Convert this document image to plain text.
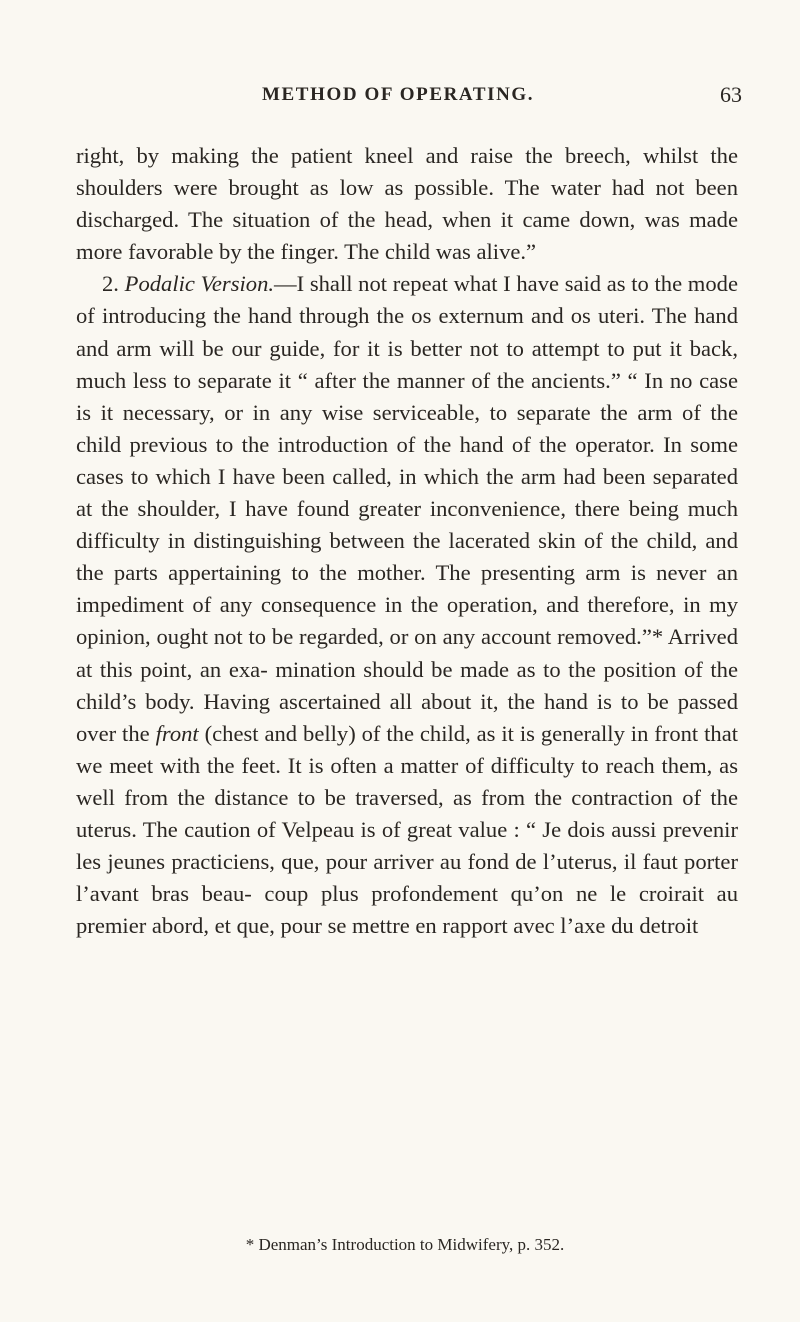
METHOD OF OPERATING.	63

right, by making the patient kneel and raise the breech, whilst the shoulders were brought as low as possible. The water had not been discharged. The situation of the head, when it came down, was made more favorable by the finger. The child was alive.”

2. Podalic Version.—I shall not repeat what I have said as to the mode of introducing the hand through the os externum and os uteri. The hand and arm will be our guide, for it is better not to attempt to put it back, much less to separate it “ after the manner of the ancients.” “ In no case is it necessary, or in any wise serviceable, to separate the arm of the child previous to the introduction of the hand of the operator. In some cases to which I have been called, in which the arm had been separated at the shoulder, I have found greater inconvenience, there being much difficulty in distinguishing between the lacerated skin of the child, and the parts appertaining to the mother. The presenting arm is never an impediment of any consequence in the operation, and therefore, in my opinion, ought not to be regarded, or on any account removed.”* Arrived at this point, an exa- mination should be made as to the position of the child’s body. Having ascertained all about it, the hand is to be passed over the front (chest and belly) of the child, as it is generally in front that we meet with the feet. It is often a matter of difficulty to reach them, as well from the distance to be traversed, as from the contraction of the uterus. The caution of Velpeau is of great value : “ Je dois aussi prevenir les jeunes practiciens, que, pour arriver au fond de l’uterus, il faut porter l’avant bras beau- coup plus profondement qu’on ne le croirait au premier abord, et que, pour se mettre en rapport avec l’axe du detroit

* Denman’s Introduction to Midwifery, p. 352.
